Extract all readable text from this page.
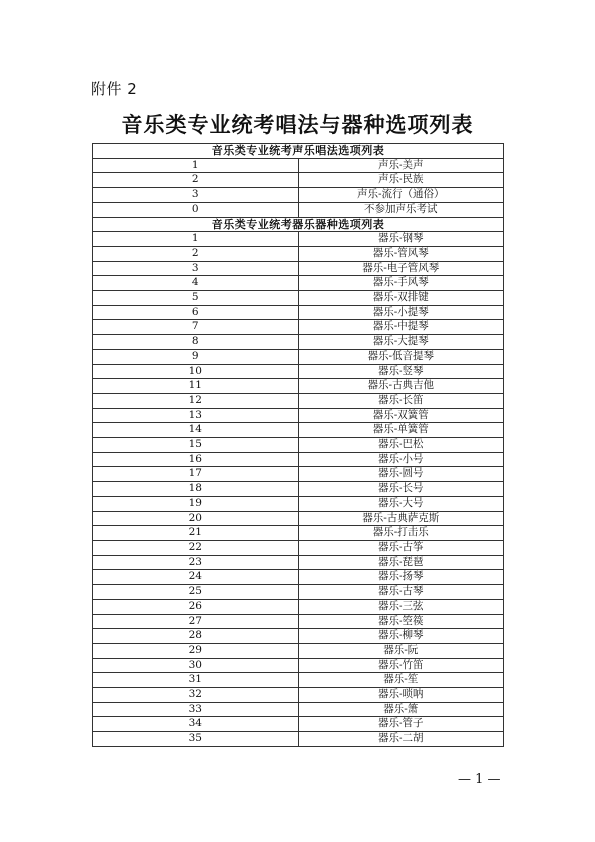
附件 2
音乐类专业统考唱法与器种选项列表
音乐类专业统考声乐唱法选项列表	
1	声乐-美声
2	声乐-民族
3	声乐-流行（通俗）
0	不参加声乐考试
音乐类专业统考器乐器种选项列表	
1	器乐-钢琴
2	器乐-管风琴
3	器乐-电子管风琴
4	器乐-手风琴
5	器乐-双排键
6	器乐-小提琴
7	器乐-中提琴
8	器乐-大提琴
9	器乐-低音提琴
10	器乐-竖琴
11	器乐-古典吉他
12	器乐-长笛
13	器乐-双簧管
14	器乐-单簧管
15	器乐-巴松
16	器乐-小号
17	器乐-圆号
18	器乐-长号
19	器乐-大号
20	器乐-古典萨克斯
21	器乐-打击乐
22	器乐-古筝
23	器乐-琵琶
24	器乐-扬琴
25	器乐-古琴
26	器乐-三弦
27	器乐-箜篌
28	器乐-柳琴
29	器乐-阮
30	器乐-竹笛
31	器乐-笙
32	器乐-唢呐
33	器乐-箫
34	器乐-管子
35	器乐-二胡
— 1 —
